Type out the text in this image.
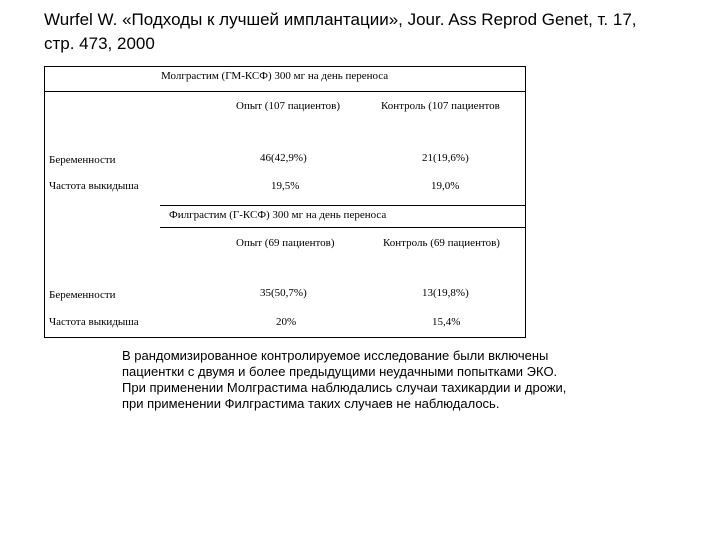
Wurfel W. «Подходы к лучшей имплантации», Jour. Ass Reprod Genet, т. 17,
стр. 473, 2000
Молграстим (ГМ-КСФ) 300 мг на день переноса
Опыт (107 пациентов)	Контроль (107 пациентов
Беременности	46(42,9%)	21(19,6%)
Частота выкидыша	19,5%	19,0%
Филграстим (Г-КСФ) 300 мг на день переноса
Опыт (69 пациентов)	Контроль (69 пациентов)
Беременности	35(50,7%)	13(19,8%)
Частота выкидыша	20%	15,4%

В рандомизированное контролируемое исследование были включены

пациентки с двумя и более предыдущими неудачными попытками ЭКО.

При применении Молграстима наблюдались случаи тахикардии и дрожи,

при применении Филграстима таких случаев не наблюдалось.
